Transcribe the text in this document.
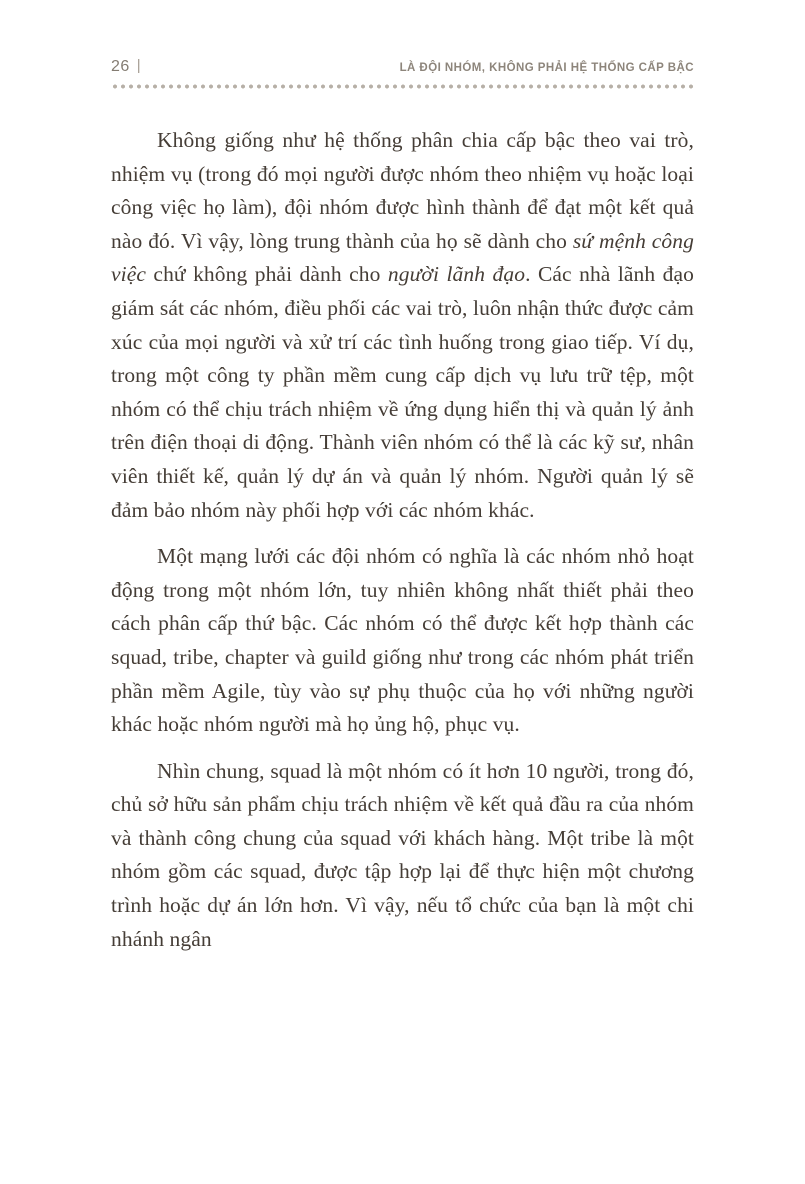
26 |	LÀ ĐỘI NHÓM, KHÔNG PHẢI HỆ THỐNG CẤP BẬC

Không giống như hệ thống phân chia cấp bậc theo vai trò, nhiệm vụ (trong đó mọi người được nhóm theo nhiệm vụ hoặc loại công việc họ làm), đội nhóm được hình thành để đạt một kết quả nào đó. Vì vậy, lòng trung thành của họ sẽ dành cho sứ mệnh công việc chứ không phải dành cho người lãnh đạo. Các nhà lãnh đạo giám sát các nhóm, điều phối các vai trò, luôn nhận thức được cảm xúc của mọi người và xử trí các tình huống trong giao tiếp. Ví dụ, trong một công ty phần mềm cung cấp dịch vụ lưu trữ tệp, một nhóm có thể chịu trách nhiệm về ứng dụng hiển thị và quản lý ảnh trên điện thoại di động. Thành viên nhóm có thể là các kỹ sư, nhân viên thiết kế, quản lý dự án và quản lý nhóm. Người quản lý sẽ đảm bảo nhóm này phối hợp với các nhóm khác.

Một mạng lưới các đội nhóm có nghĩa là các nhóm nhỏ hoạt động trong một nhóm lớn, tuy nhiên không nhất thiết phải theo cách phân cấp thứ bậc. Các nhóm có thể được kết hợp thành các squad, tribe, chapter và guild giống như trong các nhóm phát triển phần mềm Agile, tùy vào sự phụ thuộc của họ với những người khác hoặc nhóm người mà họ ủng hộ, phục vụ.

Nhìn chung, squad là một nhóm có ít hơn 10 người, trong đó, chủ sở hữu sản phẩm chịu trách nhiệm về kết quả đầu ra của nhóm và thành công chung của squad với khách hàng. Một tribe là một nhóm gồm các squad, được tập hợp lại để thực hiện một chương trình hoặc dự án lớn hơn. Vì vậy, nếu tổ chức của bạn là một chi nhánh ngân
